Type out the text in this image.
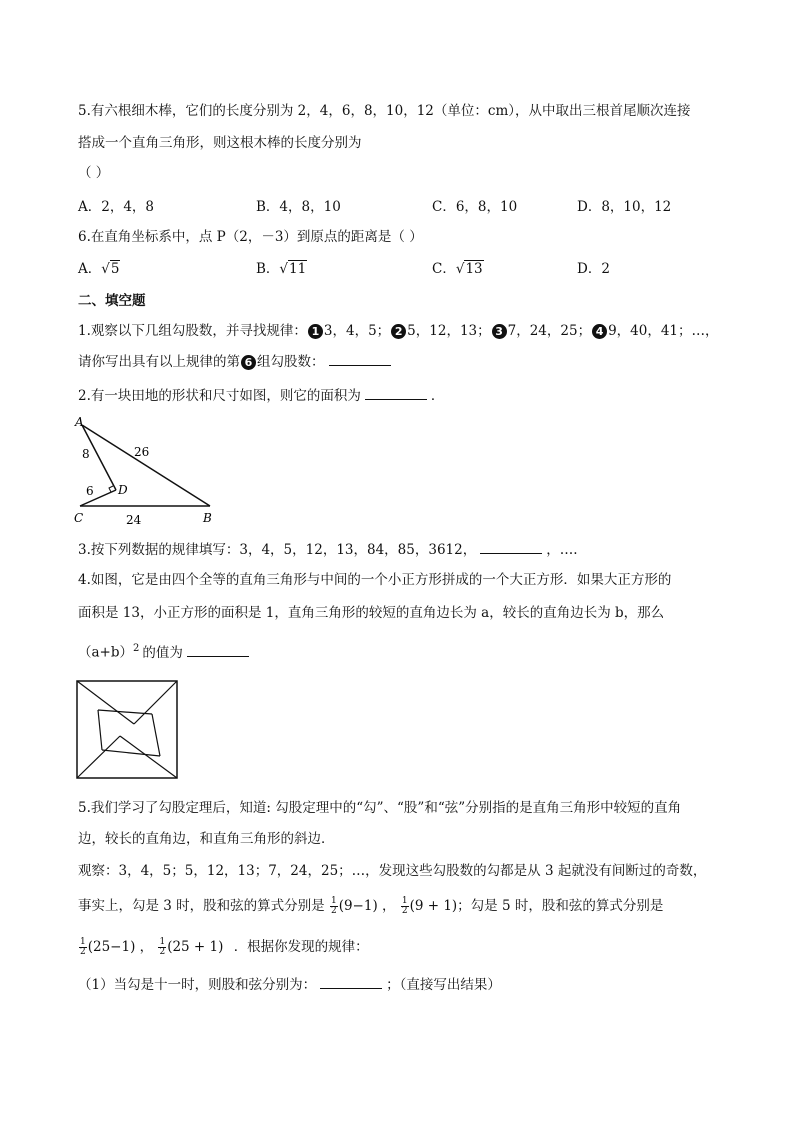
5.有六根细木棒，它们的长度分别为 2，4，6，8，10，12（单位：cm），从中取出三根首尾顺次连接
搭成一个直角三角形，则这根木棒的长度分别为
（ ）
A．2，4，8	B．4，8，10	C．6，8，10	D．8，10，12
6.在直角坐标系中，点 P（2，－3）到原点的距离是（ ）
A．√5	B．√11	C．√13	D．2
二、填空题
1.观察以下几组勾股数，并寻找规律： 1 3，4，5； 2 5，12，13； 3 7，24，25； 4 9，40，41；…，
请你写出具有以上规律的第 6 组勾股数：
2.有一块田地的形状和尺寸如图，则它的面积为	．
A
D
C	B
8	26
6
24
3.按下列数据的规律填写：3，4，5，12，13，84，85，3612，	，….
4.如图，它是由四个全等的直角三角形与中间的一个小正方形拼成的一个大正方形．如果大正方形的
面积是 13，小正方形的面积是 1，直角三角形的较短的直角边长为 a，较长的直角边长为 b，那么
$(a+b)^2$ 的值为
5.我们学习了勾股定理后，知道: 勾股定理中的“勾”、“股”和“弦”分别指的是直角三角形中较短的直角
边，较长的直角边，和直角三角形的斜边．
观察：3，4，5；5，12，13；7，24，25；…，发现这些勾股数的勾都是从 3 起就没有间断过的奇数，
事实上，勾是 3 时，股和弦的算式分别是 $\frac{1}{2} (9-1)$ ， $\frac{1}{2} (9 + 1)$；勾是 5 时，股和弦的算式分别是
$\frac{1}{2} (25-1)$ ， $\frac{1}{2} (25 + 1)$ ．根据你发现的规律：
（1）当勾是十一时，则股和弦分别为：	；（直接写出结果）
